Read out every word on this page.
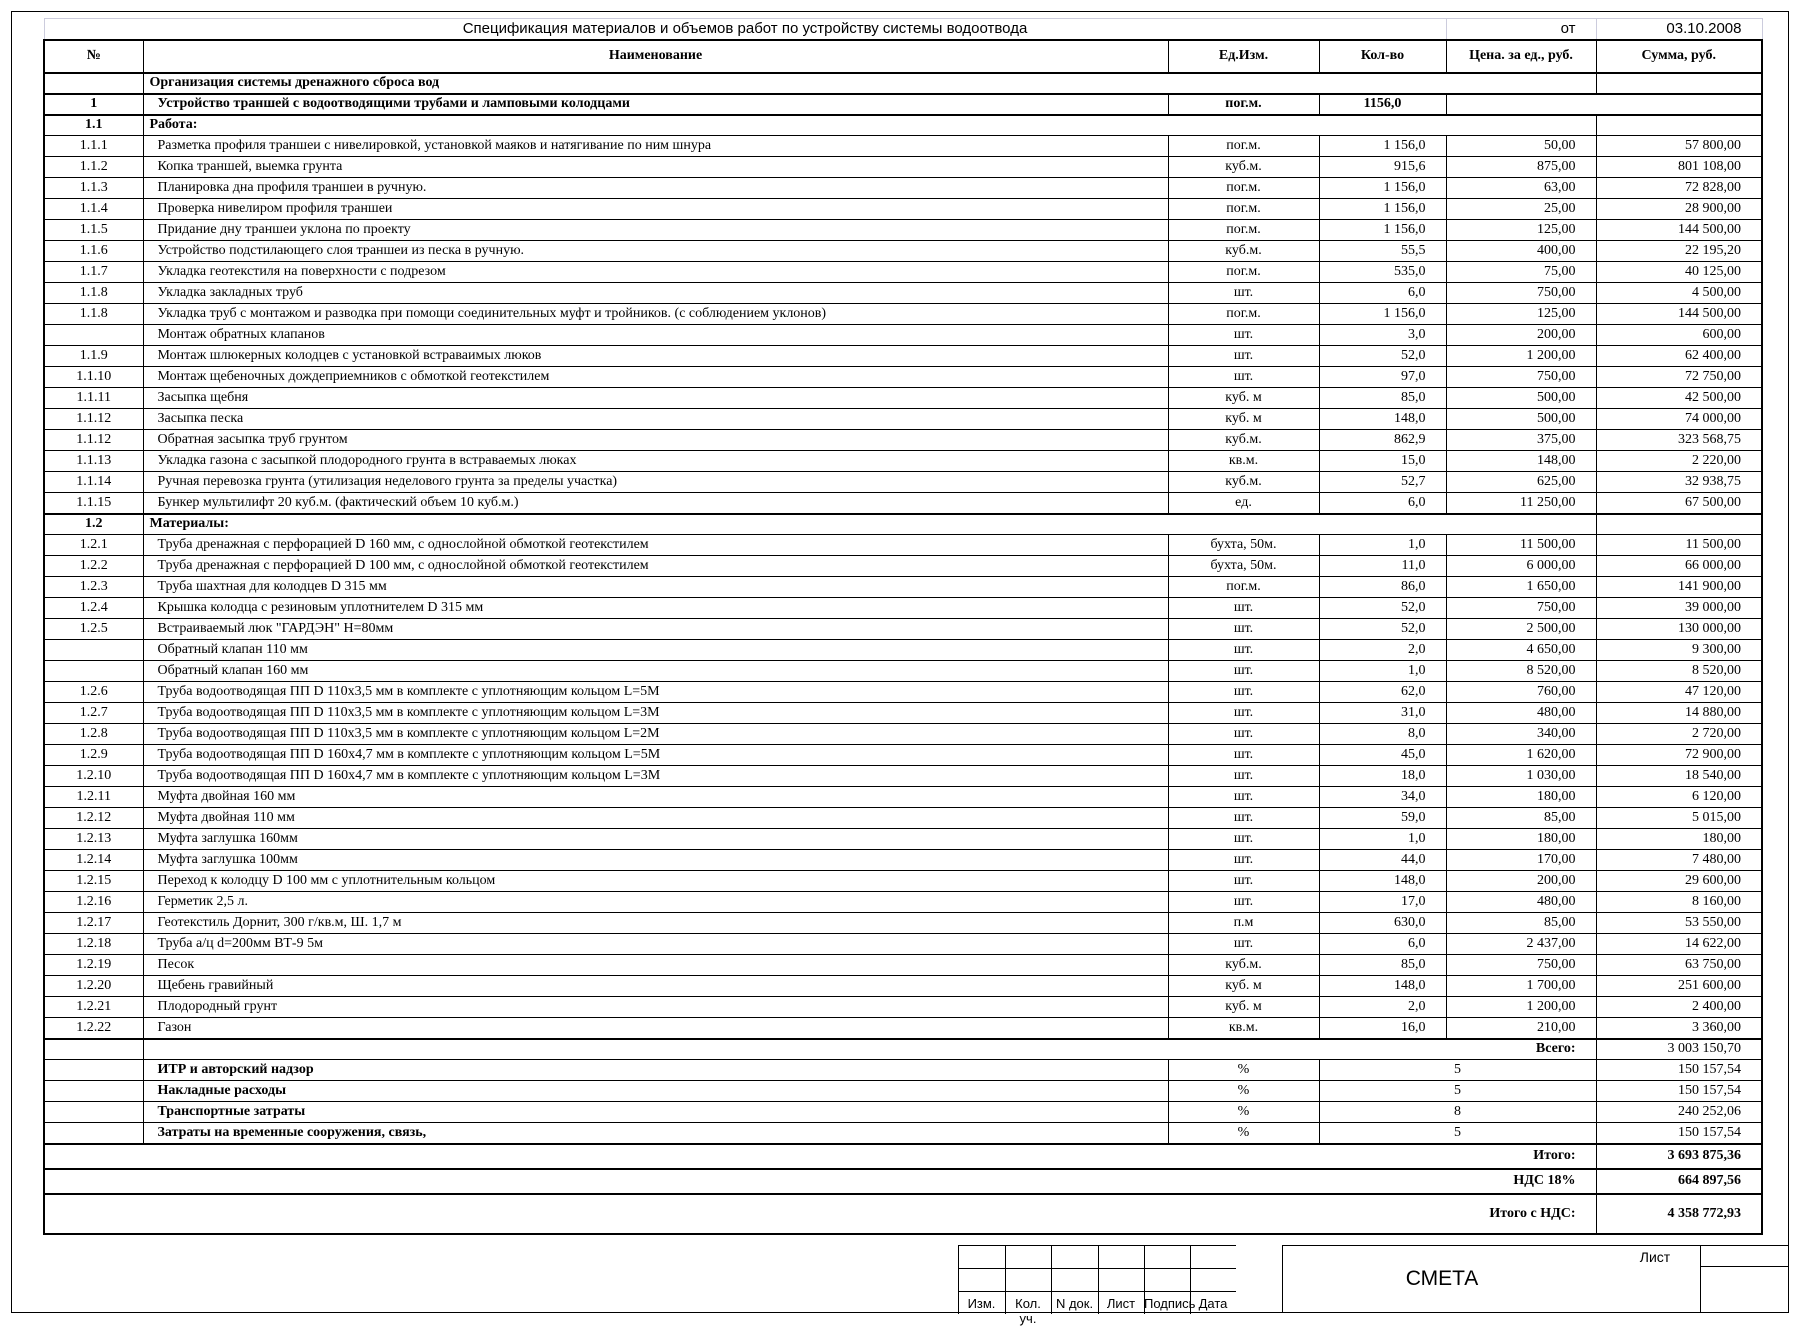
Спецификация материалов и объемов работ по устройству системы водоотвода				от	03.10.2008
№	Наименование	Ед.Изм.	Кол-во	Цена. за ед., руб.	Сумма, руб.
	Организация системы дренажного сброса вод				
1	Устройство траншей с водоотводящими трубами и ламповыми колодцами	пог.м.	1156,0		
1.1	Работа:				
1.1.1	Разметка профиля траншеи с нивелировкой, установкой маяков и натягивание по ним шнура	пог.м.	1 156,0	50,00	57 800,00
1.1.2	Копка траншей, выемка грунта	куб.м.	915,6	875,00	801 108,00
1.1.3	Планировка дна профиля траншеи в ручную.	пог.м.	1 156,0	63,00	72 828,00
1.1.4	Проверка нивелиром профиля траншеи	пог.м.	1 156,0	25,00	28 900,00
1.1.5	Придание дну траншеи уклона по проекту	пог.м.	1 156,0	125,00	144 500,00
1.1.6	Устройство подстилающего слоя траншеи из песка в ручную.	куб.м.	55,5	400,00	22 195,20
1.1.7	Укладка геотекстиля на поверхности с подрезом	пог.м.	535,0	75,00	40 125,00
1.1.8	Укладка закладных труб	шт.	6,0	750,00	4 500,00
1.1.8	Укладка труб с монтажом и разводка при помощи соединительных муфт и тройников. (с соблюдением уклонов)	пог.м.	1 156,0	125,00	144 500,00
	Монтаж обратных клапанов	шт.	3,0	200,00	600,00
1.1.9	Монтаж шлюкерных колодцев с установкой встраваимых люков	шт.	52,0	1 200,00	62 400,00
1.1.10	Монтаж щебеночных дождеприемников с обмоткой геотекстилем	шт.	97,0	750,00	72 750,00
1.1.11	Засыпка щебня	куб. м	85,0	500,00	42 500,00
1.1.12	Засыпка песка	куб. м	148,0	500,00	74 000,00
1.1.12	Обратная засыпка труб грунтом	куб.м.	862,9	375,00	323 568,75
1.1.13	Укладка газона с засыпкой плодородного грунта в встраваемых люках	кв.м.	15,0	148,00	2 220,00
1.1.14	Ручная перевозка грунта (утилизация неделового грунта за пределы участка)	куб.м.	52,7	625,00	32 938,75
1.1.15	Бункер мультилифт 20 куб.м. (фактический объем 10 куб.м.)	ед.	6,0	11 250,00	67 500,00
1.2	Материалы:				
1.2.1	Труба дренажная с перфорацией D 160 мм, с однослойной обмоткой геотекстилем	бухта, 50м.	1,0	11 500,00	11 500,00
1.2.2	Труба дренажная с перфорацией D 100 мм, с однослойной обмоткой геотекстилем	бухта, 50м.	11,0	6 000,00	66 000,00
1.2.3	Труба шахтная для колодцев D 315 мм	пог.м.	86,0	1 650,00	141 900,00
1.2.4	Крышка колодца с резиновым уплотнителем D 315 мм	шт.	52,0	750,00	39 000,00
1.2.5	Встраиваемый люк "ГАРДЭН" Н=80мм	шт.	52,0	2 500,00	130 000,00
	Обратный клапан 110 мм	шт.	2,0	4 650,00	9 300,00
	Обратный клапан 160 мм	шт.	1,0	8 520,00	8 520,00
1.2.6	Труба водоотводящая ПП D 110х3,5 мм в комплекте с уплотняющим кольцом L=5М	шт.	62,0	760,00	47 120,00
1.2.7	Труба водоотводящая ПП D 110х3,5 мм в комплекте с уплотняющим кольцом L=3М	шт.	31,0	480,00	14 880,00
1.2.8	Труба водоотводящая ПП D 110х3,5 мм в комплекте с уплотняющим кольцом L=2М	шт.	8,0	340,00	2 720,00
1.2.9	Труба водоотводящая ПП D 160х4,7 мм в комплекте с уплотняющим кольцом L=5М	шт.	45,0	1 620,00	72 900,00
1.2.10	Труба водоотводящая ПП D 160х4,7 мм в комплекте с уплотняющим кольцом L=3М	шт.	18,0	1 030,00	18 540,00
1.2.11	Муфта двойная 160 мм	шт.	34,0	180,00	6 120,00
1.2.12	Муфта двойная 110 мм	шт.	59,0	85,00	5 015,00
1.2.13	Муфта заглушка 160мм	шт.	1,0	180,00	180,00
1.2.14	Муфта заглушка 100мм	шт.	44,0	170,00	7 480,00
1.2.15	Переход к колодцу D 100 мм с уплотнительным кольцом	шт.	148,0	200,00	29 600,00
1.2.16	Герметик 2,5 л.	шт.	17,0	480,00	8 160,00
1.2.17	Геотекстиль Дорнит, 300 г/кв.м, Ш. 1,7 м	п.м	630,0	85,00	53 550,00
1.2.18	Труба а/ц d=200мм ВТ-9 5м	шт.	6,0	2 437,00	14 622,00
1.2.19	Песок	куб.м.	85,0	750,00	63 750,00
1.2.20	Щебень гравийный	куб. м	148,0	1 700,00	251 600,00
1.2.21	Плодородный грунт	куб. м	2,0	1 200,00	2 400,00
1.2.22	Газон	кв.м.	16,0	210,00	3 360,00
	Всего:				3 003 150,70
	ИТР и авторский надзор	%	5		150 157,54
	Накладные расходы	%	5		150 157,54
	Транспортные затраты	%	8		240 252,06
	Затраты на временные сооружения, связь,	%	5		150 157,54
Итого:					3 693 875,36
НДС 18%					664 897,56
Итого с НДС:					4 358 772,93
Изм.	Кол. уч.
N док.	Лист Подпись Дата
СМЕТА
Лист
